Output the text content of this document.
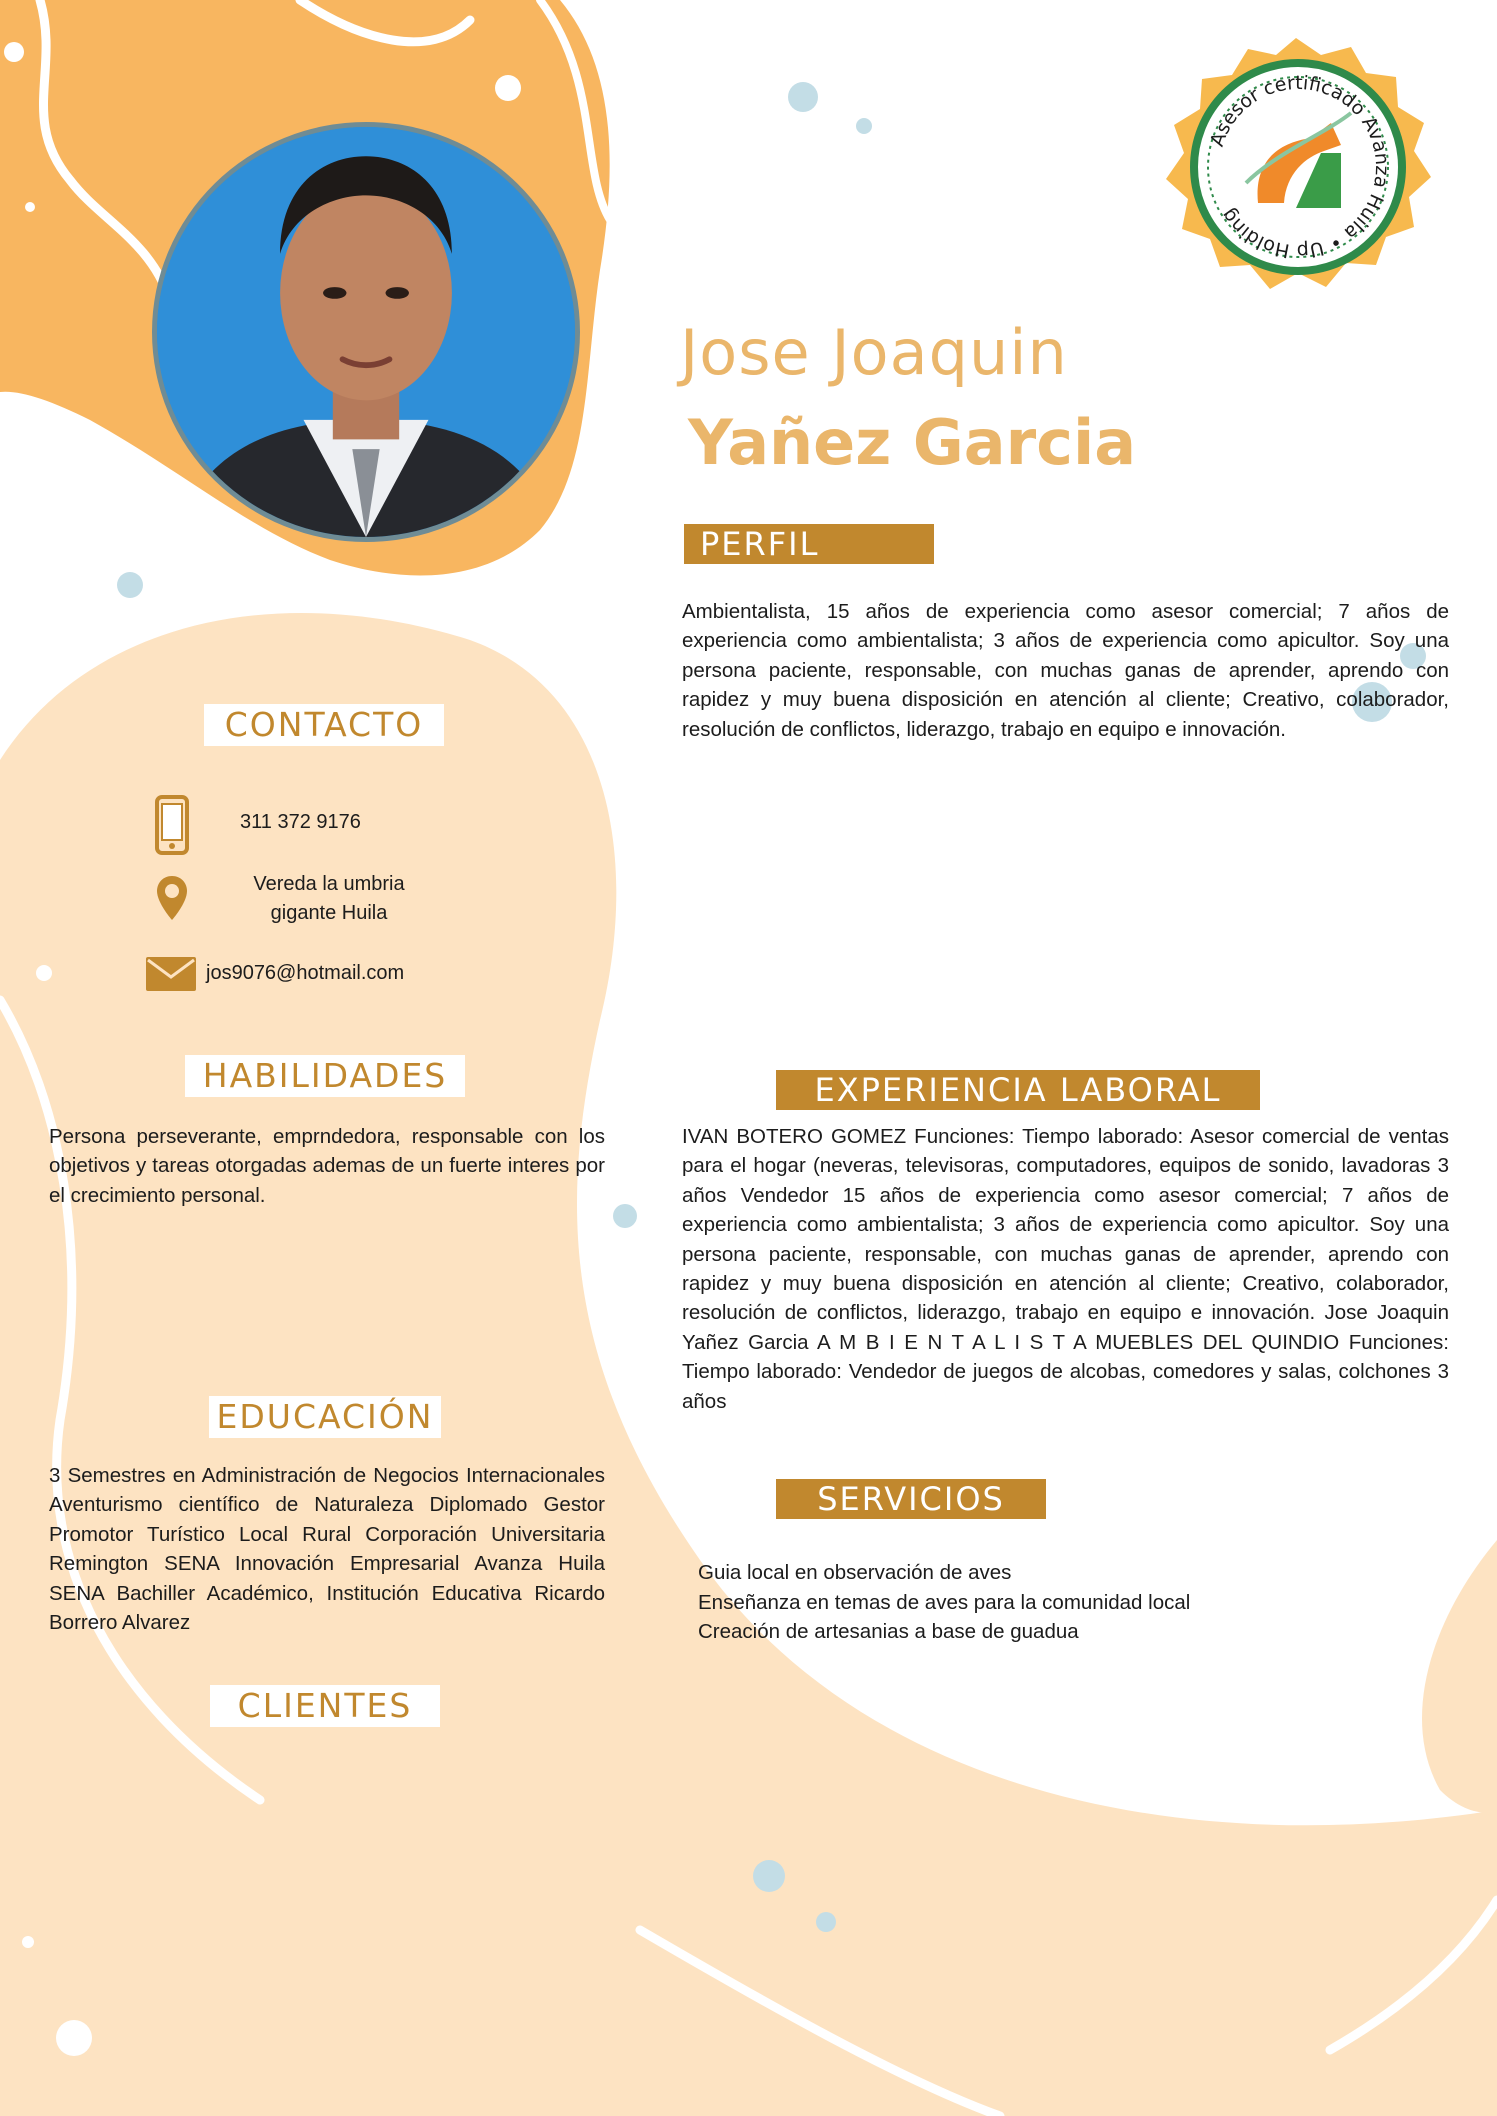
Asesor certificado Avanza Huila • Up Holding
Jose Joaquin
Yañez Garcia
PERFIL
Ambientalista, 15 años de experiencia como asesor comercial; 7 años de experiencia como ambientalista; 3 años de experiencia como apicultor. Soy una persona paciente, responsable, con muchas ganas de aprender, aprendo con rapidez y muy buena disposición en atención al cliente; Creativo, colaborador, resolución de conflictos, liderazgo, trabajo en equipo e innovación.
CONTACTO
311 372 9176
Vereda la umbria
gigante Huila
jos9076@hotmail.com
HABILIDADES
Persona perseverante, emprndedora, responsable con los objetivos y tareas otorgadas ademas de un fuerte interes por el crecimiento personal.
EDUCACIÓN
3 Semestres en Administración de Negocios Internacionales Aventurismo científico de Naturaleza Diplomado Gestor Promotor Turístico Local Rural Corporación Universitaria Remington SENA Innovación Empresarial Avanza Huila SENA Bachiller Académico, Institución Educativa Ricardo Borrero Alvarez
CLIENTES
EXPERIENCIA LABORAL
IVAN BOTERO GOMEZ Funciones: Tiempo laborado: Asesor comercial de ventas para el hogar (neveras, televisoras, computadores, equipos de sonido, lavadoras 3 años Vendedor 15 años de experiencia como asesor comercial; 7 años de experiencia como ambientalista; 3 años de experiencia como apicultor. Soy una persona paciente, responsable, con muchas ganas de aprender, aprendo con rapidez y muy buena disposición en atención al cliente; Creativo, colaborador, resolución de conflictos, liderazgo, trabajo en equipo e innovación. Jose Joaquin Yañez Garcia A M B I E N T A L I S T A MUEBLES DEL QUINDIO Funciones: Tiempo laborado: Vendedor de juegos de alcobas, comedores y salas, colchones 3 años
SERVICIOS
Guia local en observación de aves
Enseñanza en temas de aves para la comunidad local
Creación de artesanias a base de guadua
